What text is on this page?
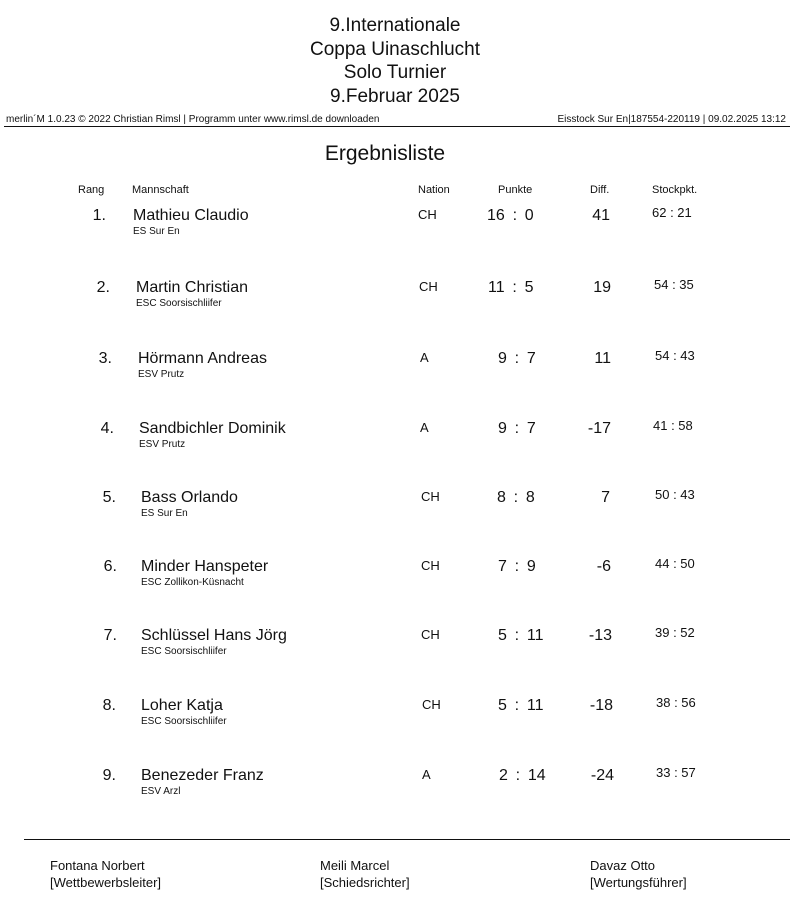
9.Internationale
Coppa Uinaschlucht
Solo Turnier
9.Februar 2025
merlin´M 1.0.23 © 2022 Christian Rimsl | Programm unter www.rimsl.de downloaden	Eisstock Sur En|187554-220119 | 09.02.2025 13:12
Ergebnisliste
Rang	Mannschaft	Nation	Punkte	Diff.	Stockpkt.
1. Mathieu Claudio
ES Sur En
CH	16 : 0	41	62 : 21
2. Martin Christian
ESC Soorsischliifer
CH	11 : 5	19	54 : 35
3. Hörmann Andreas
ESV Prutz
A	9 : 7	11	54 : 43
4. Sandbichler Dominik
ESV Prutz
A	9 : 7	-17	41 : 58
5. Bass Orlando
ES Sur En
CH	8 : 8	7	50 : 43
6. Minder Hanspeter
ESC Zollikon-Küsnacht
CH	7 : 9	-6	44 : 50
7. Schlüssel Hans Jörg
ESC Soorsischliifer
CH	5 : 11	-13	39 : 52
8. Loher Katja
ESC Soorsischliifer
CH	5 : 11	-18	38 : 56
9. Benezeder Franz
ESV Arzl
A	2 : 14	-24	33 : 57
Fontana Norbert
[Wettbewerbsleiter]
Meili Marcel
[Schiedsrichter]
Davaz Otto
[Wertungsführer]
